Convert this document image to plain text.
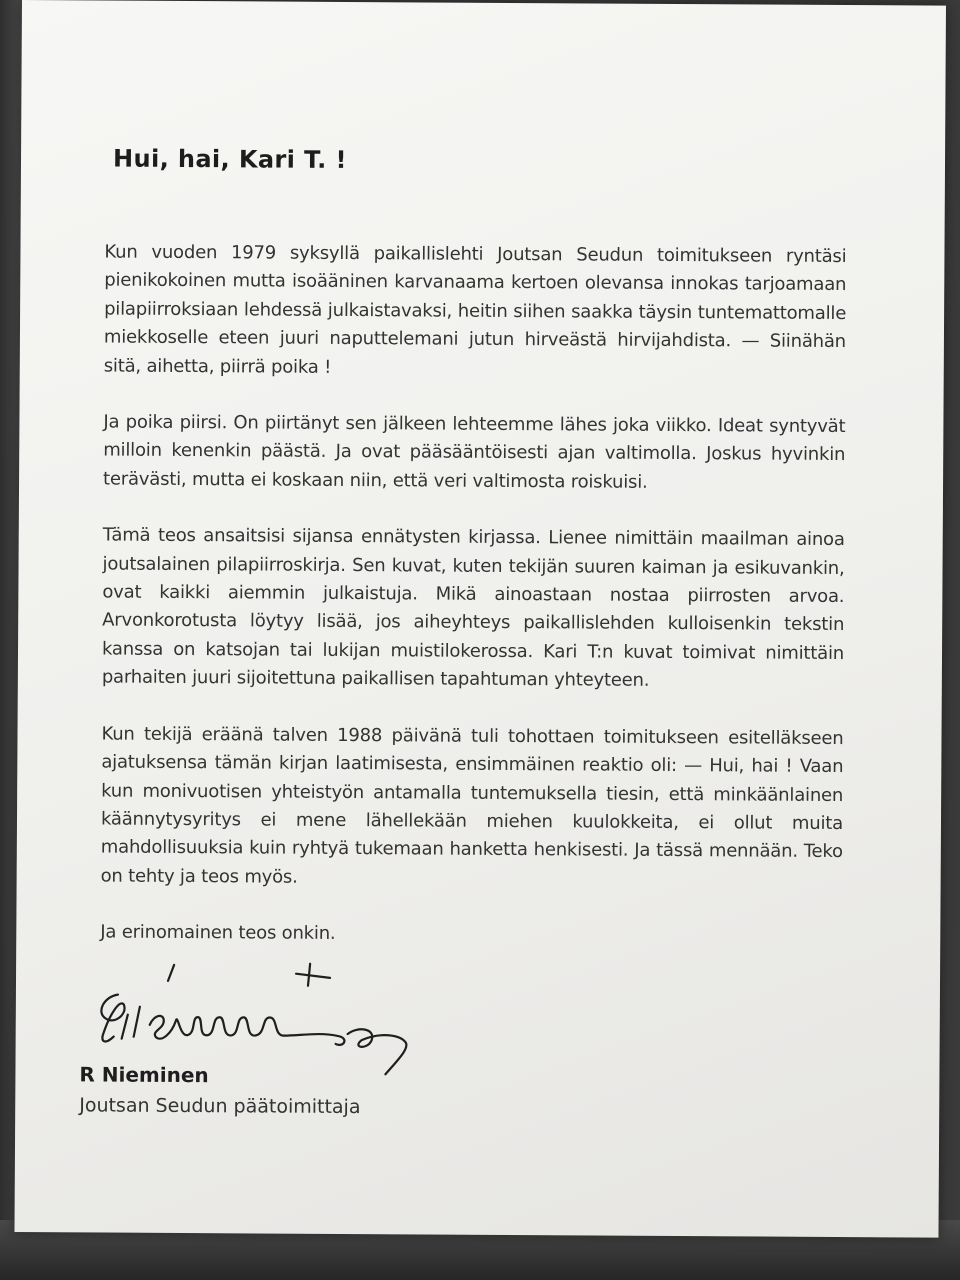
Hui, hai, Kari T. !

Kun vuoden 1979 syksyllä paikallislehti Joutsan Seudun toimitukseen ryntäsi pienikokoinen mutta isoääninen karvanaama kertoen olevansa innokas tarjoamaan pilapiirroksiaan lehdessä julkaistavaksi, heitin siihen saakka täysin tuntemattomalle miekkoselle eteen juuri naputtelemani jutun hirveästä hirvijahdista. — Siinähän sitä, aihetta, piirrä poika !

Ja poika piirsi. On piirtänyt sen jälkeen lehteemme lähes joka viikko. Ideat syntyvät milloin kenenkin päästä. Ja ovat pääsääntöisesti ajan valtimolla. Joskus hyvinkin terävästi, mutta ei koskaan niin, että veri valtimosta roiskuisi.

Tämä teos ansaitsisi sijansa ennätysten kirjassa. Lienee nimittäin maailman ainoa joutsalainen pilapiirroskirja. Sen kuvat, kuten tekijän suuren kaiman ja esikuvankin, ovat kaikki aiemmin julkaistuja. Mikä ainoastaan nostaa piirrosten arvoa. Arvonkorotusta löytyy lisää, jos aiheyhteys paikallislehden kulloisenkin tekstin kanssa on katsojan tai lukijan muistilokerossa. Kari T:n kuvat toimivat nimittäin parhaiten juuri sijoitettuna paikallisen tapahtuman yhteyteen.

Kun tekijä eräänä talven 1988 päivänä tuli tohottaen toimitukseen esitelläkseen ajatuksensa tämän kirjan laatimisesta, ensimmäinen reaktio oli: — Hui, hai ! Vaan kun monivuotisen yhteistyön antamalla tuntemuksella tiesin, että minkäänlainen käännytysyritys ei mene lähellekään miehen kuulokkeita, ei ollut muita mahdollisuuksia kuin ryhtyä tukemaan hanketta henkisesti. Ja tässä mennään. Teko on tehty ja teos myös.

Ja erinomainen teos onkin.

R Nieminen

Joutsan Seudun päätoimittaja
